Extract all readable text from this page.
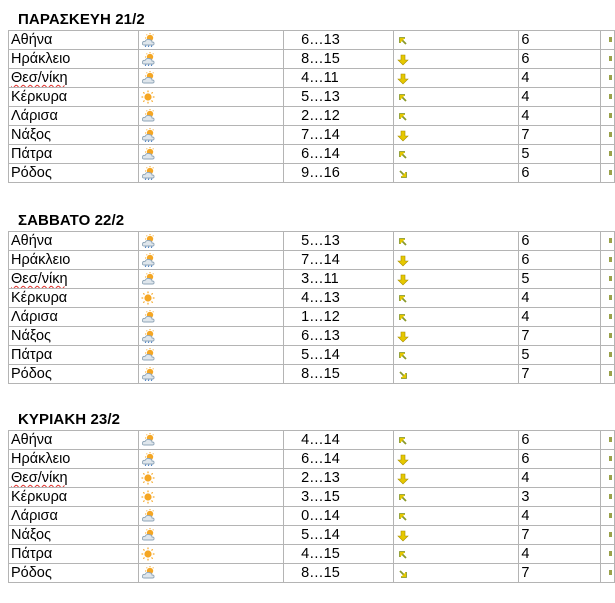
ΠΑΡΑΣΚΕΥΗ 21/2
Αθήνα		6…13		6	

Ηράκλειο		8…15		6	

Θεσ/νίκη		4…11		4	

Κέρκυρα		5…13		4	

Λάρισα		2…12		4	

Νάξος		7…14		7	

Πάτρα		6…14		5	

Ρόδος		9…16		6	
ΣΑΒΒΑΤΟ 22/2
Αθήνα		5…13		6	

Ηράκλειο		7…14		6	

Θεσ/νίκη		3…11		5	

Κέρκυρα		4…13		4	

Λάρισα		1…12		4	

Νάξος		6…13		7	

Πάτρα		5…14		5	

Ρόδος		8…15		7	
ΚΥΡΙΑΚΗ 23/2
Αθήνα		4…14		6	

Ηράκλειο		6…14		6	

Θεσ/νίκη		2…13		4	

Κέρκυρα		3…15		3	

Λάρισα		0…14		4	

Νάξος		5…14		7	

Πάτρα		4…15		4	

Ρόδος		8…15		7	
